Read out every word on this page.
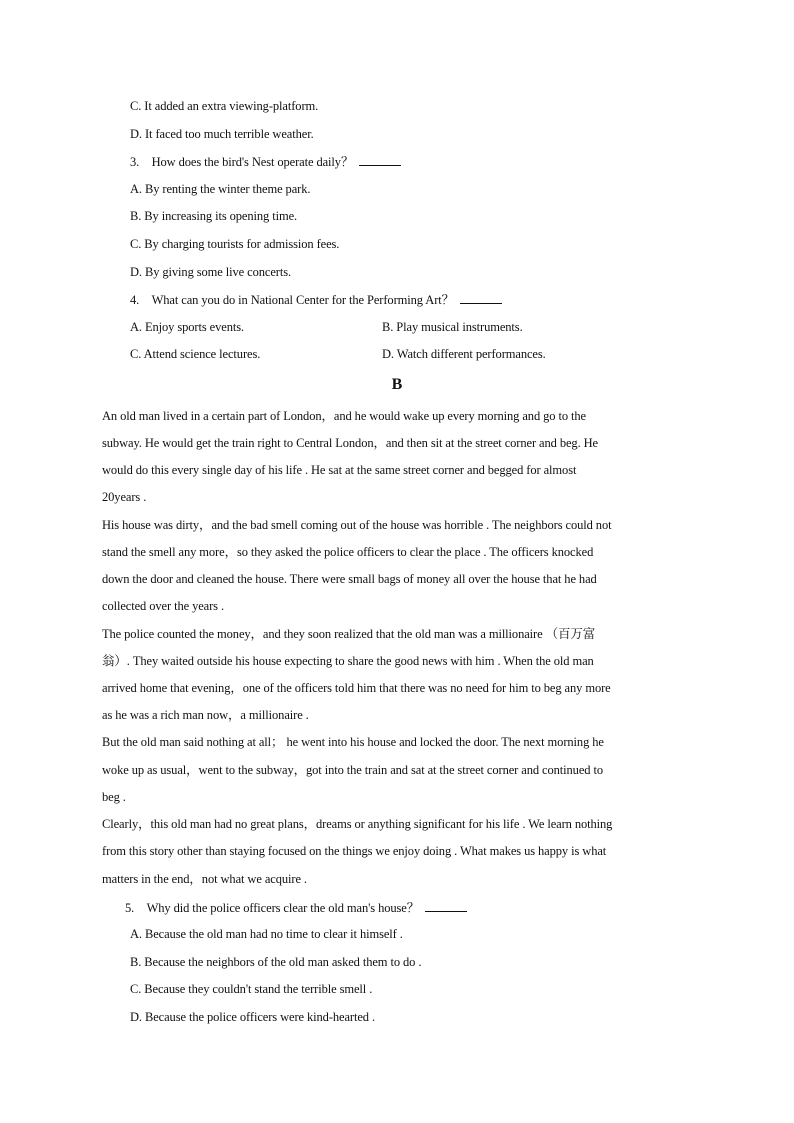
C. It added an extra viewing-platform.
D. It faced too much terrible weather.
3.　How does the bird's Nest operate daily？
A. By renting the winter theme park.
B. By increasing its opening time.
C. By charging tourists for admission fees.
D. By giving some live concerts.
4.　What can you do in National Center for the Performing Art？
A. Enjoy sports events.	B. Play musical instruments.
C. Attend science lectures.	D. Watch different performances.
B
An old man lived in a certain part of London，and he would wake up every morning and go to the
subway. He would get the train right to Central London，and then sit at the street corner and beg. He
would do this every single day of his life . He sat at the same street corner and begged for almost
20years .
His house was dirty，and the bad smell coming out of the house was horrible . The neighbors could not
stand the smell any more，so they asked the police officers to clear the place . The officers knocked
down the door and cleaned the house. There were small bags of money all over the house that he had
collected over the years .
The police counted the money，and they soon realized that the old man was a millionaire （百万富
翁）. They waited outside his house expecting to share the good news with him . When the old man
arrived home that evening，one of the officers told him that there was no need for him to beg any more
as he was a rich man now，a millionaire .
But the old man said nothing at all； he went into his house and locked the door. The next morning he
woke up as usual，went to the subway，got into the train and sat at the street corner and continued to
beg .
Clearly，this old man had no great plans，dreams or anything significant for his life . We learn nothing
from this story other than staying focused on the things we enjoy doing . What makes us happy is what
matters in the end，not what we acquire .
5.　Why did the police officers clear the old man's house？
A. Because the old man had no time to clear it himself .
B. Because the neighbors of the old man asked them to do .
C. Because they couldn't stand the terrible smell .
D. Because the police officers were kind-hearted .
